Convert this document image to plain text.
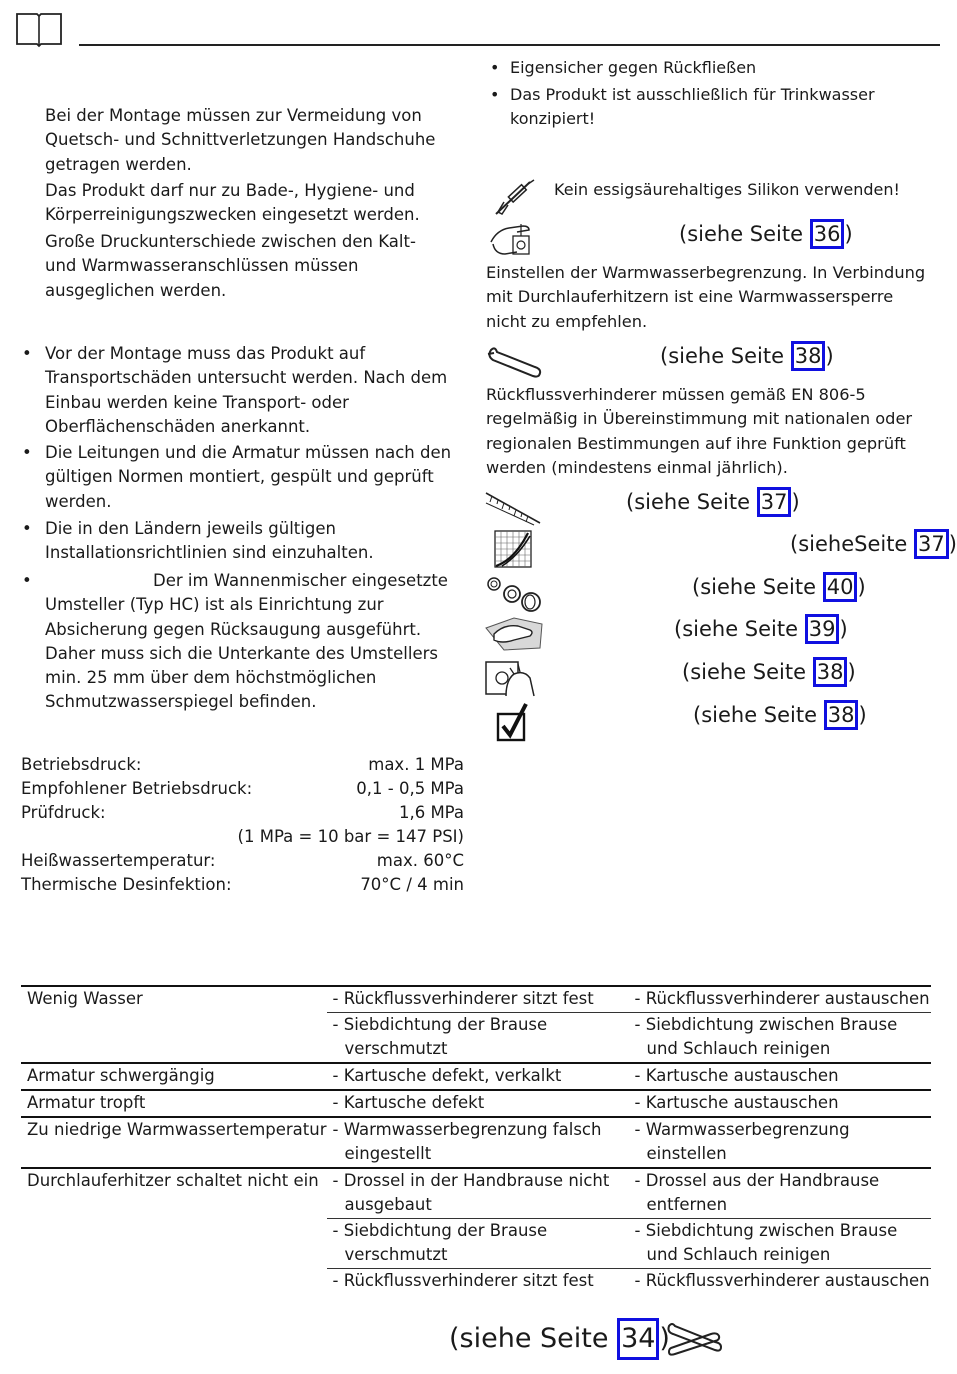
Bei der Montage müssen zur Vermeidung von Quetsch- und Schnittverletzungen Handschuhe getragen werden.
Das Produkt darf nur zu Bade-, Hygiene- und Körperreinigungszwecken eingesetzt werden.
Große Druckunterschiede zwischen den Kalt- und Warmwasseranschlüssen müssen ausgeglichen werden.
• Vor der Montage muss das Produkt auf Transportschäden untersucht werden. Nach dem Einbau werden keine Transport- oder Oberflächenschäden anerkannt.
• Die Leitungen und die Armatur müssen nach den gültigen Normen montiert, gespült und geprüft werden.
• Die in den Ländern jeweils gültigen Installationsrichtlinien sind einzuhalten.
•	Der im Wannenmischer eingesetzte Umsteller (Typ HC) ist als Einrichtung zur Absicherung gegen Rücksaugung ausgeführt. Daher muss sich die Unterkante des Umstellers min. 25 mm über dem höchstmöglichen Schmutzwasserspiegel befinden.
Betriebsdruck:	max. 1 MPa
Empfohlener Betriebsdruck:	0,1 - 0,5 MPa
Prüfdruck:	1,6 MPa
(1 MPa = 10 bar = 147 PSI)
Heißwassertemperatur:	max. 60°C
Thermische Desinfektion:	70°C / 4 min
• Eigensicher gegen Rückfließen
• Das Produkt ist ausschließlich für Trinkwasser konzipiert!
Kein essigsäurehaltiges Silikon verwenden!
(siehe Seite 36 )
Einstellen der Warmwasserbegrenzung. In Verbindung mit Durchlauferhitzern ist eine Warmwassersperre nicht zu empfehlen.
(siehe Seite 38 )
Rückflussverhinderer müssen gemäß EN 806-5 regelmäßig in Übereinstimmung mit nationalen oder regionalen Bestimmungen auf ihre Funktion geprüft werden (mindestens einmal jährlich).
(siehe Seite 37 )
(sieheSeite 37 )
(siehe Seite 40 )
(siehe Seite 39 )
(siehe Seite 38 )
(siehe Seite 38 )
Wenig Wasser	- Rückflussverhinderer sitzt fest	- Rückflussverhinderer austauschen

	- Siebdichtung der Brause verschmutzt	- Siebdichtung zwischen Brause und Schlauch reinigen

Armatur schwergängig	- Kartusche defekt, verkalkt	- Kartusche austauschen

Armatur tropft	- Kartusche defekt	- Kartusche austauschen

Zu niedrige Warmwassertemperatur	- Warmwasserbegrenzung falsch eingestellt	- Warmwasserbegrenzung einstellen

Durchlauferhitzer schaltet nicht ein	- Drossel in der Handbrause nicht ausgebaut	- Drossel aus der Handbrause entfernen

	- Siebdichtung der Brause verschmutzt	- Siebdichtung zwischen Brause und Schlauch reinigen

	- Rückflussverhinderer sitzt fest	- Rückflussverhinderer austauschen
(siehe Seite 34 )
